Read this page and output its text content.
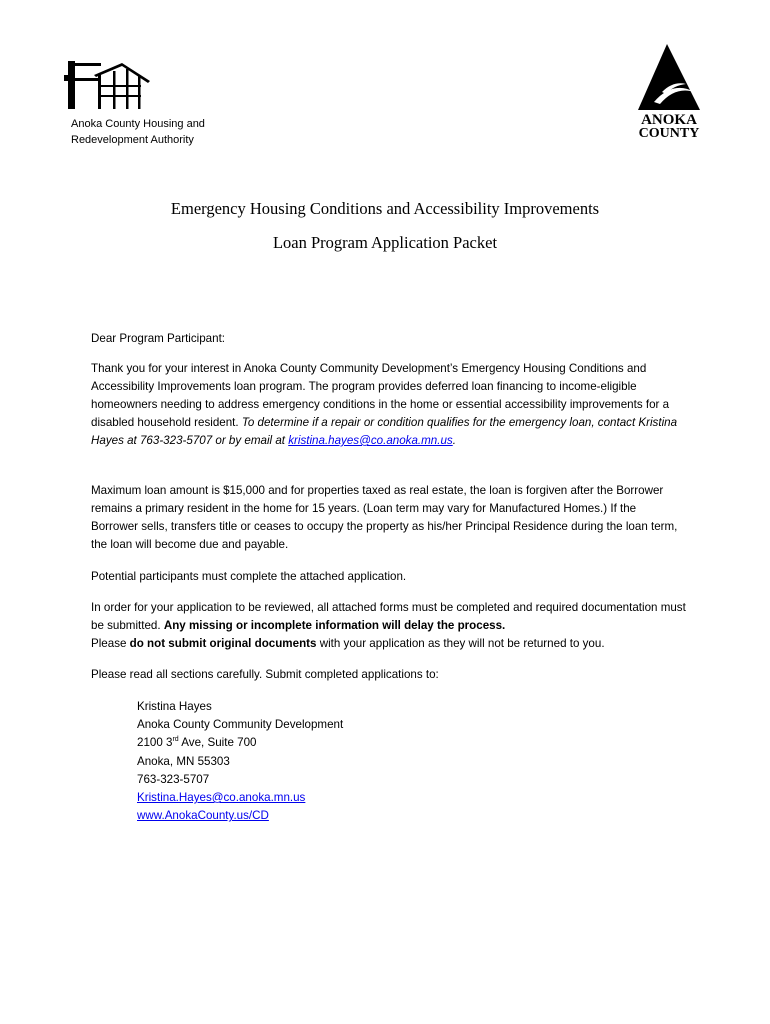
Anoka County Housing and
Redevelopment Authority
ANOKA
COUNTY
Emergency Housing Conditions and Accessibility Improvements
Loan Program Application Packet
Dear Program Participant:

Thank you for your interest in Anoka County Community Development’s Emergency Housing Conditions and Accessibility Improvements loan program. The program provides deferred loan financing to income-eligible homeowners needing to address emergency conditions in the home or essential accessibility improvements for a disabled household resident. To determine if a repair or condition qualifies for the emergency loan, contact Kristina Hayes at 763-323-5707 or by email at kristina.hayes@co.anoka.mn.us.

Maximum loan amount is $15,000 and for properties taxed as real estate, the loan is forgiven after the Borrower remains a primary resident in the home for 15 years. (Loan term may vary for Manufactured Homes.) If the Borrower sells, transfers title or ceases to occupy the property as his/her Principal Residence during the loan term, the loan will become due and payable.
Potential participants must complete the attached application.

In order for your application to be reviewed, all attached forms must be completed and required documentation must be submitted. Any missing or incomplete information will delay the process.
Please do not submit original documents with your application as they will not be returned to you.

Please read all sections carefully. Submit completed applications to:
Kristina Hayes
Anoka County Community Development
2100 3rd Ave, Suite 700
Anoka, MN 55303
763-323-5707
Kristina.Hayes@co.anoka.mn.us
www.AnokaCounty.us/CD
